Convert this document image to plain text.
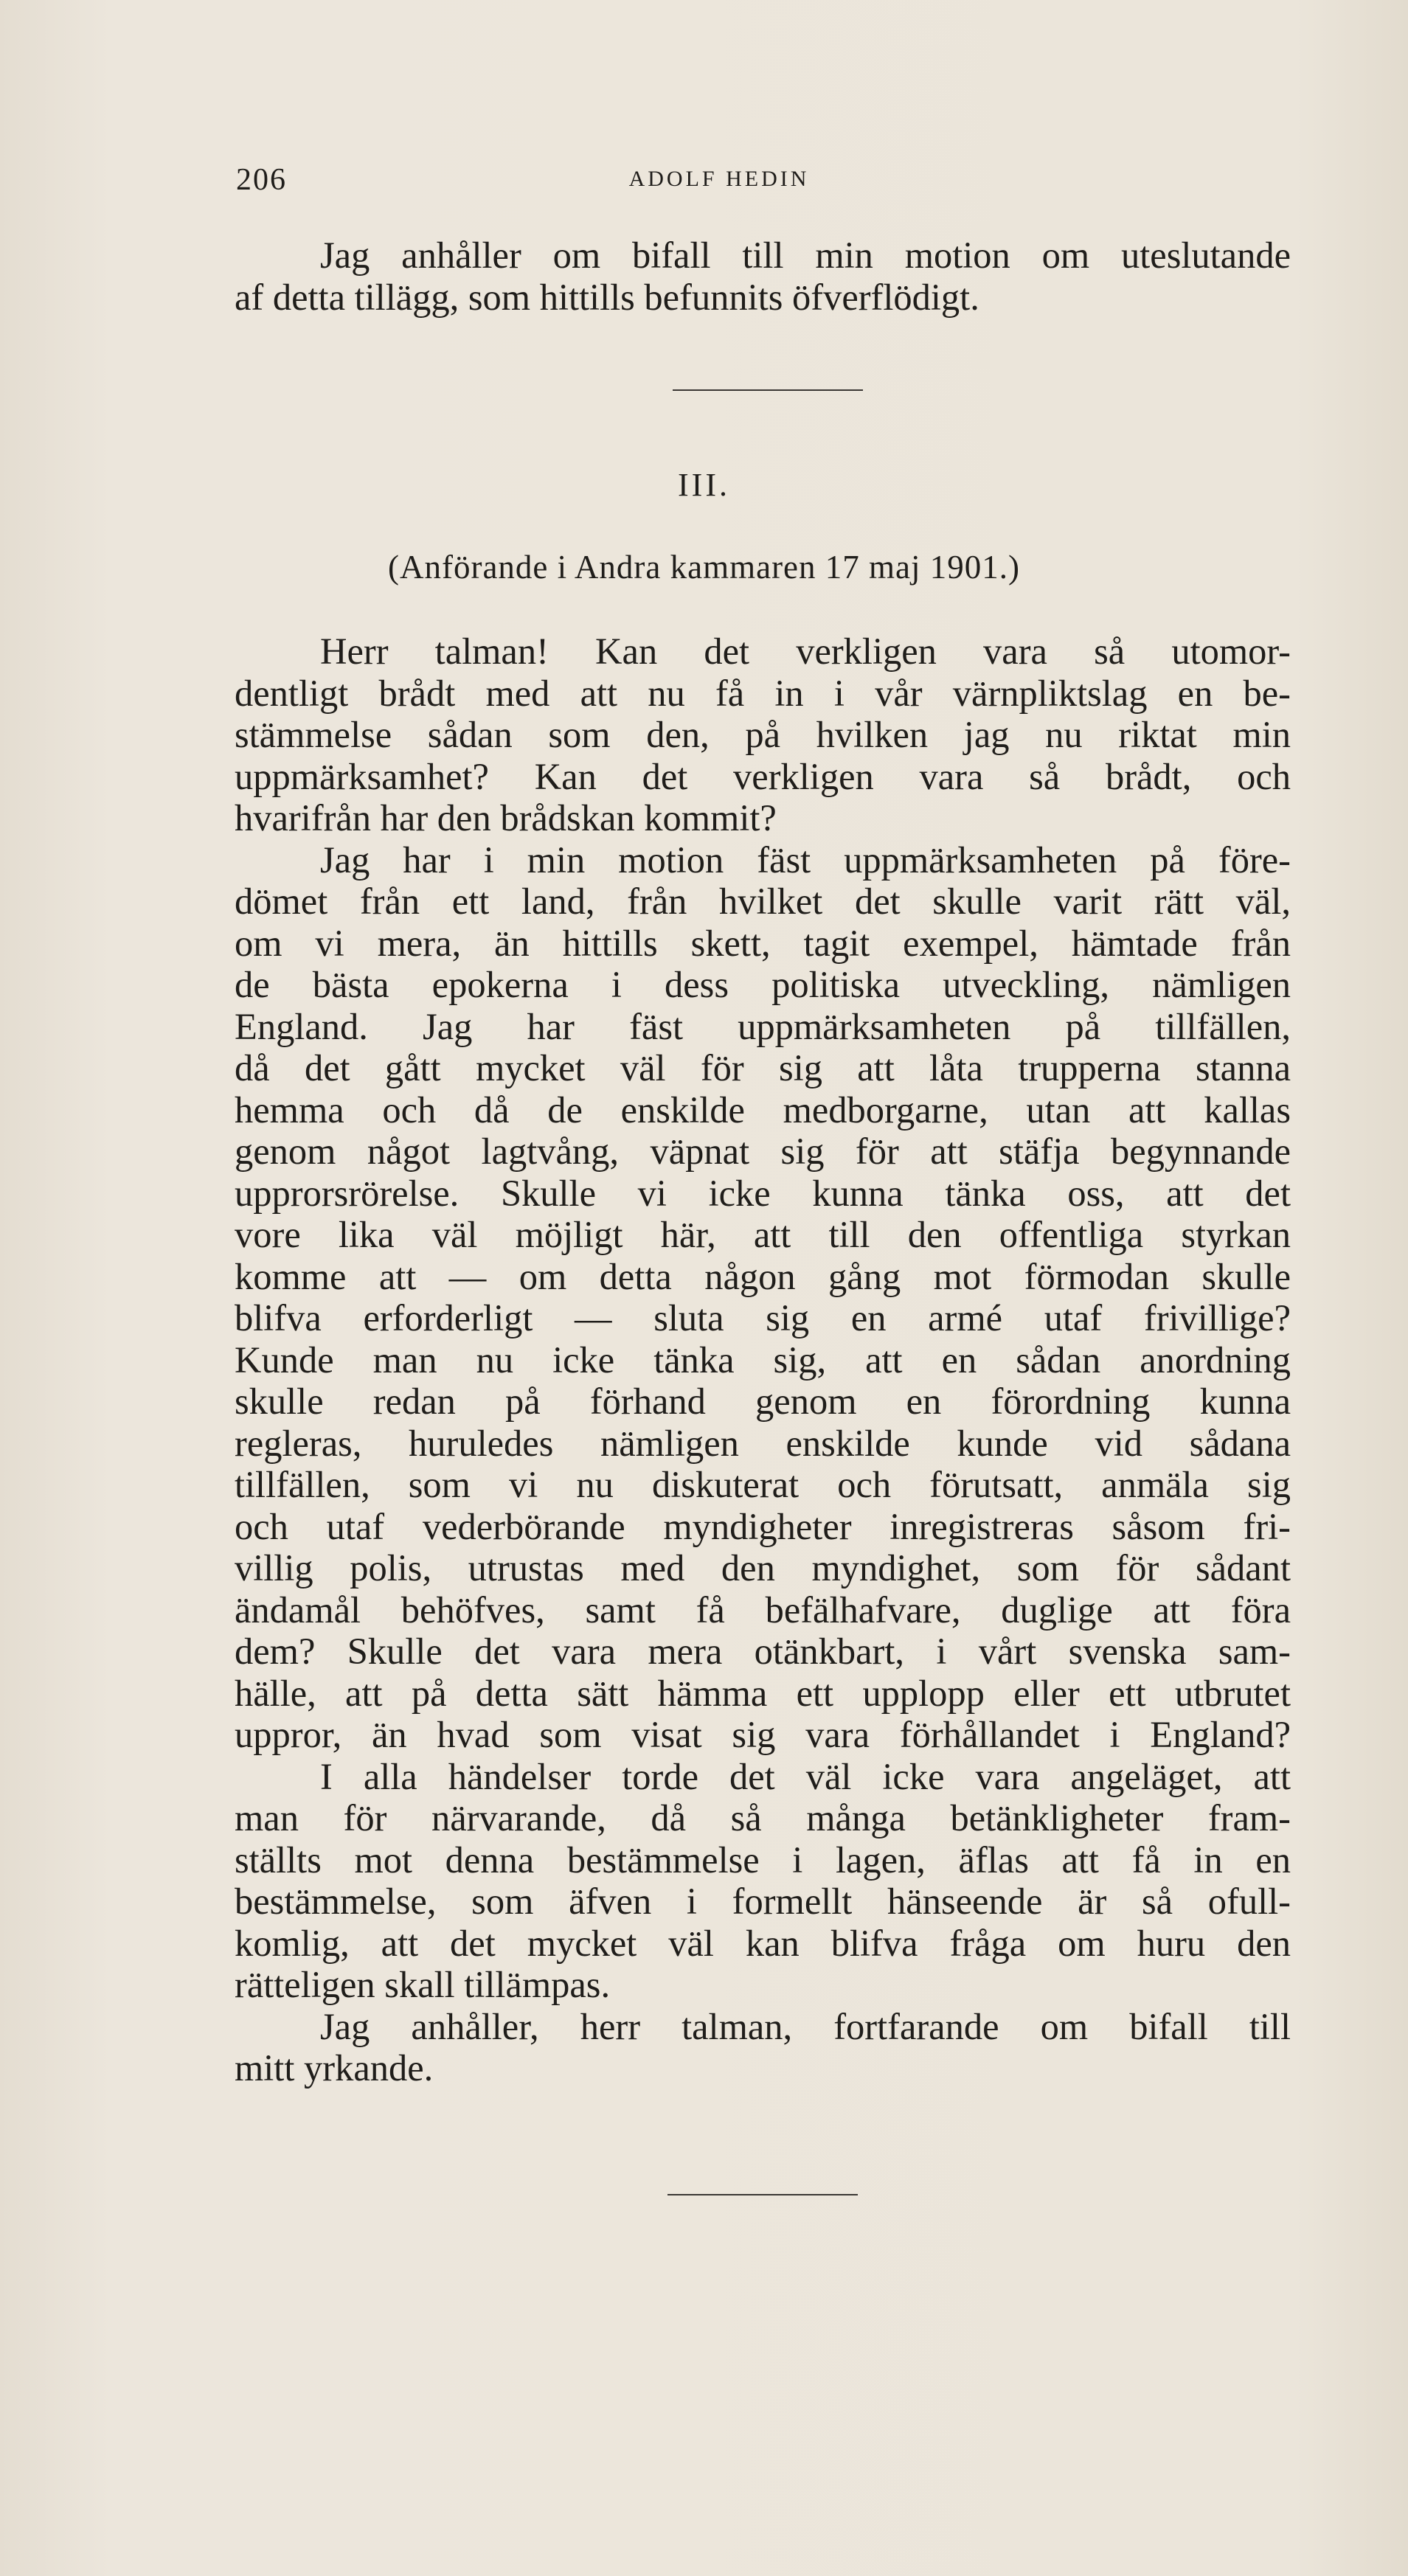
206	ADOLF HEDIN
Jag anhåller om bifall till min motion om uteslutande
af detta tillägg, som hittills befunnits öfverflödigt.
III.
(Anförande i Andra kammaren 17 maj 1901.)
Herr talman! Kan det verkligen vara så utomor-
dentligt brådt med att nu få in i vår värnpliktslag en be-
stämmelse sådan som den, på hvilken jag nu riktat min
uppmärksamhet? Kan det verkligen vara så brådt, och
hvarifrån har den brådskan kommit?
Jag har i min motion fäst uppmärksamheten på före-
dömet från ett land, från hvilket det skulle varit rätt väl,
om vi mera, än hittills skett, tagit exempel, hämtade från
de bästa epokerna i dess politiska utveckling, nämligen
England. Jag har fäst uppmärksamheten på tillfällen,
då det gått mycket väl för sig att låta trupperna stanna
hemma och då de enskilde medborgarne, utan att kallas
genom något lagtvång, väpnat sig för att stäfja begynnande
upprorsrörelse. Skulle vi icke kunna tänka oss, att det
vore lika väl möjligt här, att till den offentliga styrkan
komme att — om detta någon gång mot förmodan skulle
blifva erforderligt — sluta sig en armé utaf frivillige?
Kunde man nu icke tänka sig, att en sådan anordning
skulle redan på förhand genom en förordning kunna
regleras, huruledes nämligen enskilde kunde vid sådana
tillfällen, som vi nu diskuterat och förutsatt, anmäla sig
och utaf vederbörande myndigheter inregistreras såsom fri-
villig polis, utrustas med den myndighet, som för sådant
ändamål behöfves, samt få befälhafvare, duglige att föra
dem? Skulle det vara mera otänkbart, i vårt svenska sam-
hälle, att på detta sätt hämma ett upplopp eller ett utbrutet
uppror, än hvad som visat sig vara förhållandet i England?
I alla händelser torde det väl icke vara angeläget, att
man för närvarande, då så många betänkligheter fram-
ställts mot denna bestämmelse i lagen, äflas att få in en
bestämmelse, som äfven i formellt hänseende är så ofull-
komlig, att det mycket väl kan blifva fråga om huru den
rätteligen skall tillämpas.
Jag anhåller, herr talman, fortfarande om bifall till
mitt yrkande.
